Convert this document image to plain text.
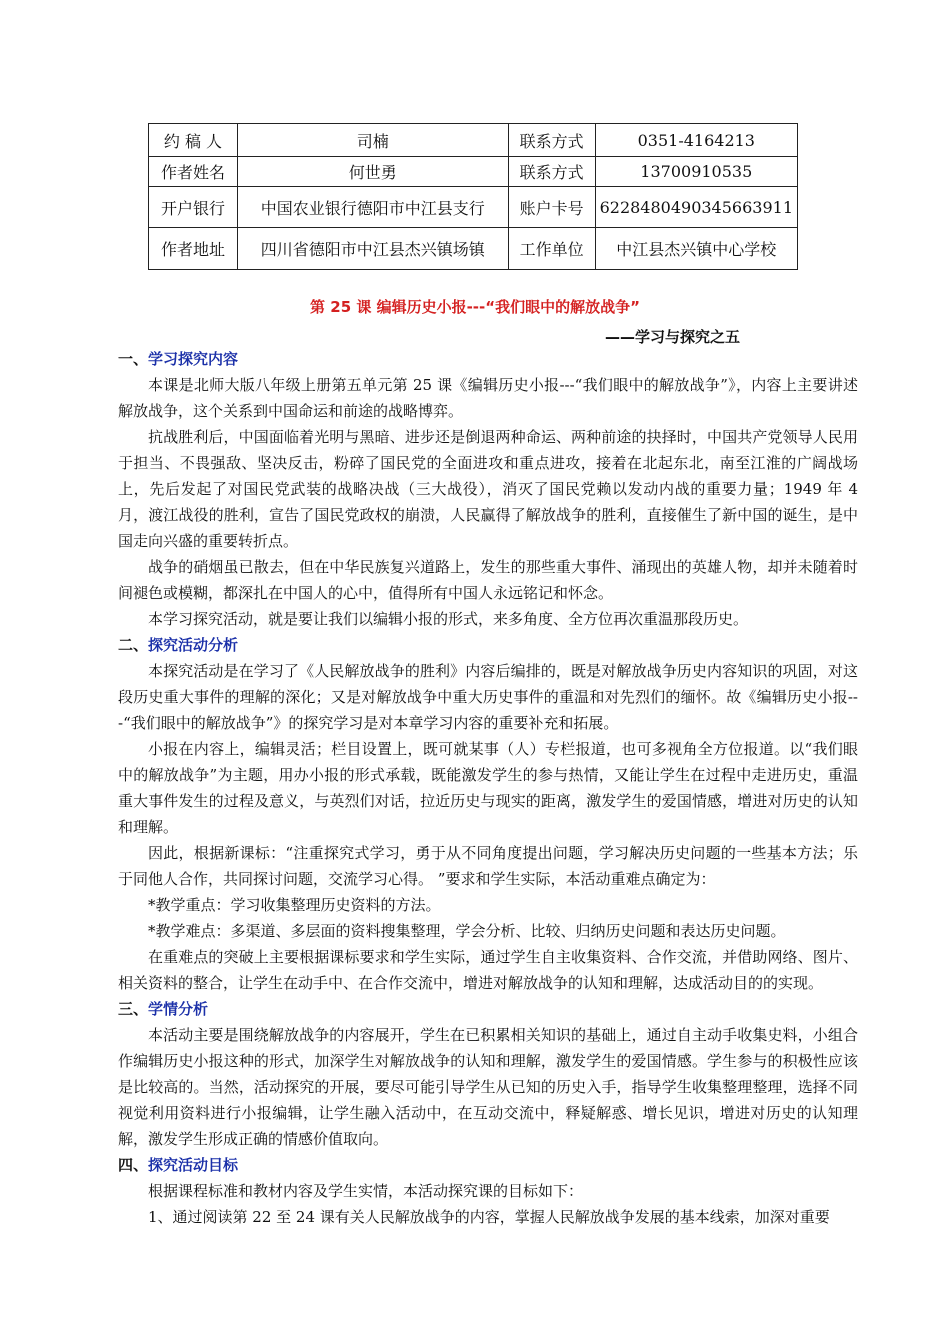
约 稿 人	司楠	联系方式	0351-4164213
作者姓名	何世勇	联系方式	13700910535
开户银行	中国农业银行德阳市中江县支行	账户卡号	6228480490345663911
作者地址	四川省德阳市中江县杰兴镇场镇	工作单位	中江县杰兴镇中心学校
第 25 课 编辑历史小报---“我们眼中的解放战争”
——学习与探究之五
一、学习探究内容

本课是北师大版八年级上册第五单元第 25 课《编辑历史小报---“我们眼中的解放战争”》，内容上主要讲述解放战争，这个关系到中国命运和前途的战略博弈。

抗战胜利后，中国面临着光明与黑暗、进步还是倒退两种命运、两种前途的抉择时，中国共产党领导人民用于担当、不畏强敌、坚决反击，粉碎了国民党的全面进攻和重点进攻，接着在北起东北，南至江淮的广阔战场上，先后发起了对国民党武装的战略决战（三大战役），消灭了国民党赖以发动内战的重要力量；1949 年 4 月，渡江战役的胜利，宣告了国民党政权的崩溃，人民赢得了解放战争的胜利，直接催生了新中国的诞生，是中国走向兴盛的重要转折点。

战争的硝烟虽已散去，但在中华民族复兴道路上，发生的那些重大事件、涌现出的英雄人物，却并未随着时间褪色或模糊，都深扎在中国人的心中，值得所有中国人永远铭记和怀念。

本学习探究活动，就是要让我们以编辑小报的形式，来多角度、全方位再次重温那段历史。

二、探究活动分析

本探究活动是在学习了《人民解放战争的胜利》内容后编排的，既是对解放战争历史内容知识的巩固，对这段历史重大事件的理解的深化；又是对解放战争中重大历史事件的重温和对先烈们的缅怀。故《编辑历史小报---“我们眼中的解放战争”》的探究学习是对本章学习内容的重要补充和拓展。

小报在内容上，编辑灵活；栏目设置上，既可就某事（人）专栏报道，也可多视角全方位报道。以“我们眼中的解放战争”为主题，用办小报的形式承载，既能激发学生的参与热情，又能让学生在过程中走进历史，重温重大事件发生的过程及意义，与英烈们对话，拉近历史与现实的距离，激发学生的爱国情感，增进对历史的认知和理解。

因此，根据新课标：“注重探究式学习，勇于从不同角度提出问题，学习解决历史问题的一些基本方法；乐于同他人合作，共同探讨问题，交流学习心得。 ”要求和学生实际，本活动重难点确定为：

*教学重点：学习收集整理历史资料的方法。

*教学难点：多渠道、多层面的资料搜集整理，学会分析、比较、归纳历史问题和表达历史问题。

在重难点的突破上主要根据课标要求和学生实际，通过学生自主收集资料、合作交流，并借助网络、图片、相关资料的整合，让学生在动手中、在合作交流中，增进对解放战争的认知和理解，达成活动目的的实现。

三、学情分析

本活动主要是围绕解放战争的内容展开，学生在已积累相关知识的基础上，通过自主动手收集史料，小组合作编辑历史小报这种的形式，加深学生对解放战争的认知和理解，激发学生的爱国情感。学生参与的积极性应该是比较高的。当然，活动探究的开展，要尽可能引导学生从已知的历史入手，指导学生收集整理整理，选择不同视觉利用资料进行小报编辑，让学生融入活动中，在互动交流中，释疑解惑、增长见识，增进对历史的认知理解，激发学生形成正确的情感价值取向。

四、探究活动目标

根据课程标准和教材内容及学生实情，本活动探究课的目标如下：

1、通过阅读第 22 至 24 课有关人民解放战争的内容，掌握人民解放战争发展的基本线索，加深对重要
